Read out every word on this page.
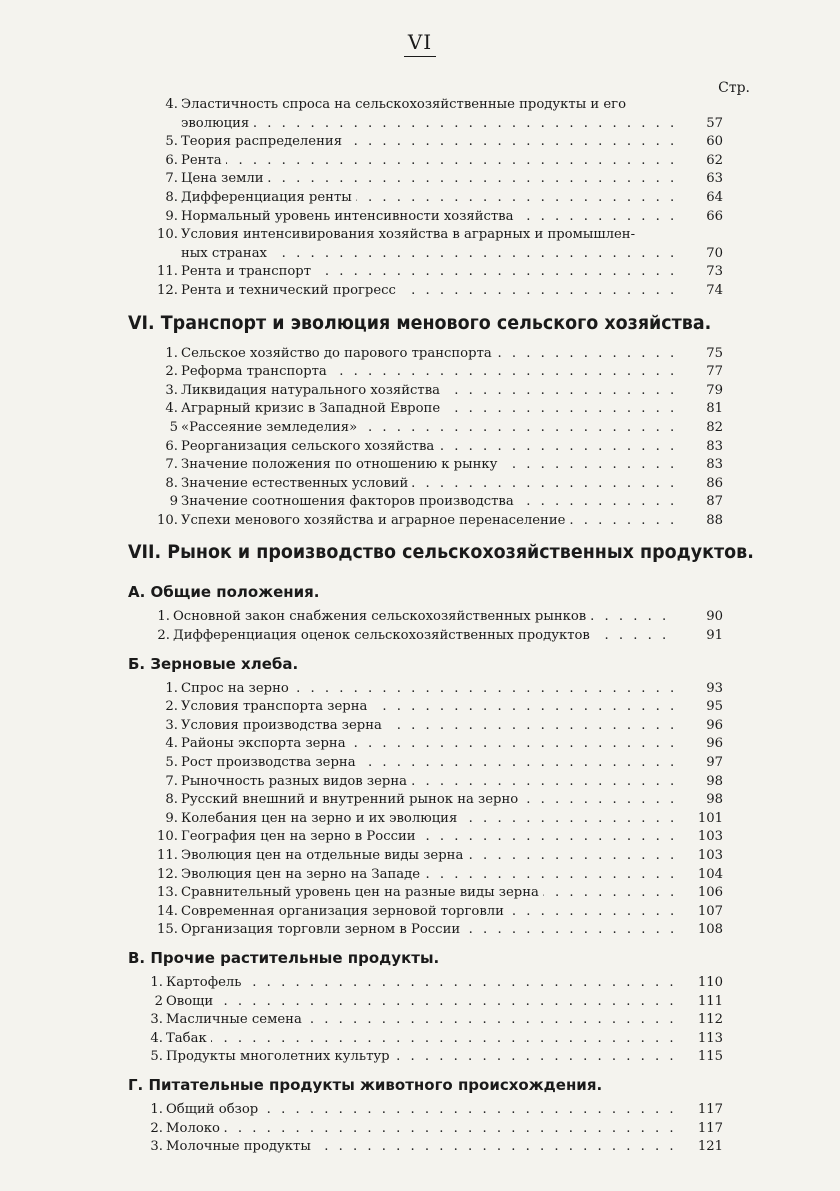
VI
Стр.
4. Эластичность спроса на сельскохозяйственные продукты и его
эволюция . . .	57
5. Теория распределения . . .	60
6. Рента . . .	62
7. Цена земли . . .	63
8. Дифференциация ренты . . .	64
9. Нормальный уровень интенсивности хозяйства . . .	66
10. Условия интенсивирования хозяйства в аграрных и промышлен-
ных странах . . .	70
11. Рента и транспорт . . .	73
12. Рента и технический прогресс . . .	74
VI. Транспорт и эволюция менового сельского хозяйства.
1. Сельское хозяйство до парового транспорта . . .	75
2. Реформа транспорта . . .	77
3. Ликвидация натурального хозяйства . . .	79
4. Аграрный кризис в Западной Европе . . .	81
5 «Рассеяние земледелия» . . .	82
6. Реорганизация сельского хозяйства . . .	83
7. Значение положения по отношению к рынку . . .	83
8. Значение естественных условий . . .	86
9 Значение соотношения факторов производства . . .	87
10. Успехи менового хозяйства и аграрное перенаселение . . .	88
VII. Рынок и производство сельскохозяйственных продуктов.
А. Общие положения.
1. Основной закон снабжения сельскохозяйственных рынков . . .	90
2. Дифференциация оценок сельскохозяйственных продуктов . . .	91
Б. Зерновые хлеба.
1. Спрос на зерно . . .	93
2. Условия транспорта зерна . . .	95
3. Условия производства зерна . . .	96
4. Районы экспорта зерна . . .	96
5. Рост производства зерна . . .	97
7. Рыночность разных видов зерна . . .	98
8. Русский внешний и внутренний рынок на зерно . . .	98
9. Колебания цен на зерно и их эволюция . . .	101
10. География цен на зерно в России . . .	103
11. Эволюция цен на отдельные виды зерна . . .	103
12. Эволюция цен на зерно на Западе . . .	104
13. Сравнительный уровень цен на разные виды зерна . . .	106
14. Современная организация зерновой торговли . . .	107
15. Организация торговли зерном в России . . .	108
В. Прочие растительные продукты.
1. Картофель . . .	110
2 Овощи . . .	111
3. Масличные семена . . .	112
4. Табак . . .	113
5. Продукты многолетних культур . . .	115
Г. Питательные продукты животного происхождения.
1. Общий обзор . . .	117
2. Молоко . . .	117
3. Молочные продукты . . .	121
